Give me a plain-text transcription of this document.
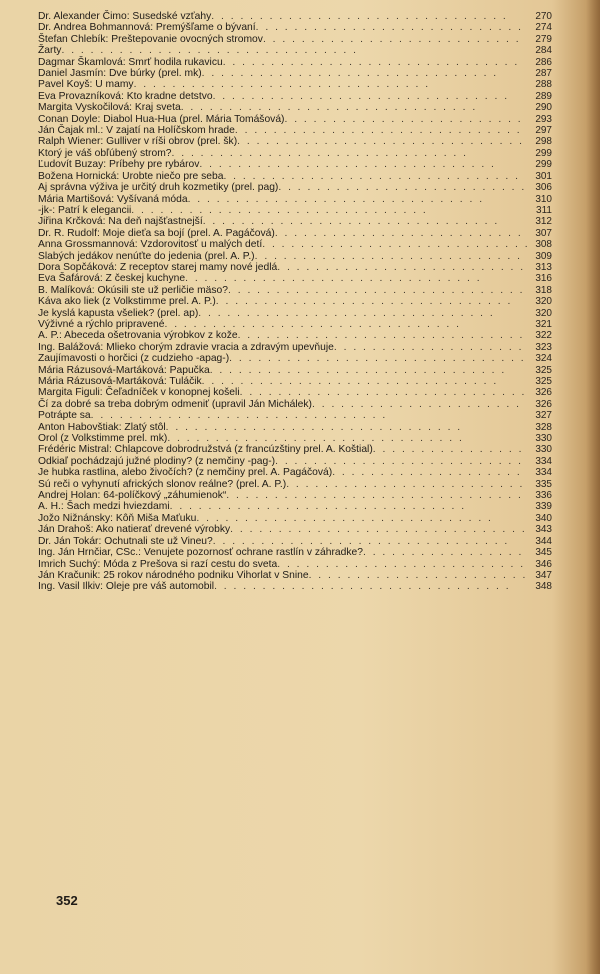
Dr. Alexander Čimo: Susedské vzťahy. . . . . . . . . . . . . . . . . . . . . . . . . . . . . . .	270
Dr. Andrea Bohmannová: Premýšľame o bývaní. . . . . . . . . . . . . . . . . . . . . . . . . . . . 274
Štefan Chlebík: Preštepovanie ovocných stromov. . . . . . . . . . . . . . . . . . . . . . . . . . . 279
Žarty. . . . . . . . . . . . . . . . . . . . . . . . . . . . . . .	284
Dagmar Škamlová: Smrť hodila rukavicu. . . . . . . . . . . . . . . . . . . . . . . . . . . . . . . 286
Daniel Jasmín: Dve búrky (prel. mk). . . . . . . . . . . . . . . . . . . . . . . . . . . . . . .	287
Pavel Koyš: U mamy. . . . . . . . . . . . . . . . . . . . . . . . . . . . . . .	288
Eva Provazníková: Kto kradne detstvo. . . . . . . . . . . . . . . . . . . . . . . . . . . . . . .	289
Margita Vyskočilová: Kraj sveta. . . . . . . . . . . . . . . . . . . . . . . . . . . . . . .	290
Conan Doyle: Diabol Hua-Hua (prel. Mária Tomášová). . . . . . . . . . . . . . . . . . . . . . . . . 293
Ján Čajak ml.: V zajatí na Holíčskom hrade. . . . . . . . . . . . . . . . . . . . . . . . . . . . . . 297
Ralph Wiener: Gulliver v ríši obrov (prel. šk). . . . . . . . . . . . . . . . . . . . . . . . . . . . . . 298
Ktorý je váš obľúbený strom?. . . . . . . . . . . . . . . . . . . . . . . . . . . . . . .	299
Ľudovít Buzay: Príbehy pre rybárov. . . . . . . . . . . . . . . . . . . . . . . . . . . . . . .	299
Božena Hornická: Urobte niečo pre seba. . . . . . . . . . . . . . . . . . . . . . . . . . . . . . . 301
Aj správna výživa je určitý druh kozmetiky (prel. pag). . . . . . . . . . . . . . . . . . . . . . . . . . 306
Mária Martišová: Vyšívaná móda. . . . . . . . . . . . . . . . . . . . . . . . . . . . . . .	310
-jk-: Patrí k elegancii. . . . . . . . . . . . . . . . . . . . . . . . . . . . . . .	311
Jiřina Krčková: Na deň najšťastnejší. . . . . . . . . . . . . . . . . . . . . . . . . . . . . . .	312
Dr. R. Rudolf: Moje dieťa sa bojí (prel. A. Pagáčová). . . . . . . . . . . . . . . . . . . . . . . . . . 307
Anna Grossmannová: Vzdorovitosť u malých detí. . . . . . . . . . . . . . . . . . . . . . . . . . . . 308
Slabých jedákov nenúťte do jedenia (prel. A. P.). . . . . . . . . . . . . . . . . . . . . . . . . . . . 309
Dora Sopčáková: Z receptov starej mamy nové jedlá. . . . . . . . . . . . . . . . . . . . . . . . . . 313
Eva Šafárová: Z českej kuchyne. . . . . . . . . . . . . . . . . . . . . . . . . . . . . . .	316
B. Malíková: Okúsili ste už perličie mäso?. . . . . . . . . . . . . . . . . . . . . . . . . . . . . . . 318
Káva ako liek (z Volkstimme prel. A. P.). . . . . . . . . . . . . . . . . . . . . . . . . . . . . . . 320
Je kyslá kapusta všeliek? (prel. ap). . . . . . . . . . . . . . . . . . . . . . . . . . . . . . .	320
Výživné a rýchlo pripravené. . . . . . . . . . . . . . . . . . . . . . . . . . . . . . .	321
A. P.: Abeceda ošetrovania výrobkov z kože. . . . . . . . . . . . . . . . . . . . . . . . . . . . . . 322
Ing. Balážová: Mlieko chorým zdravie vracia a zdravým upevňuje. . . . . . . . . . . . . . . . . . . . 323
Zaujímavosti o horčici (z cudzieho -apag-). . . . . . . . . . . . . . . . . . . . . . . . . . . . . . . 324
Mária Rázusová-Martáková: Papučka. . . . . . . . . . . . . . . . . . . . . . . . . . . . . . .	325
Mária Rázusová-Martáková: Tuláčik. . . . . . . . . . . . . . . . . . . . . . . . . . . . . . .	325
Margita Figuli: Čeľadníček v konopnej košeli. . . . . . . . . . . . . . . . . . . . . . . . . . . . . . 326
Čí za dobré sa treba dobrým odmeniť (upravil Ján Michálek). . . . . . . . . . . . . . . . . . . . . . 326
Potrápte sa. . . . . . . . . . . . . . . . . . . . . . . . . . . . . . .	327
Anton Habovštiak: Zlatý stôl. . . . . . . . . . . . . . . . . . . . . . . . . . . . . . .	328
Orol (z Volkstimme prel. mk). . . . . . . . . . . . . . . . . . . . . . . . . . . . . . .	330
Frédéric Mistral: Chlapcove dobrodružstvá (z francúzštiny prel. A. Koštial). . . . . . . . . . . . . . . . 330
Odkiaľ pochádzajú južné plodiny? (z nemčiny -pag-). . . . . . . . . . . . . . . . . . . . . . . . . . 334
Je hubka rastlina, alebo živočích? (z nemčiny prel. A. Pagáčová). . . . . . . . . . . . . . . . . . . . 334
Sú reči o vyhynutí afrických slonov reálne? (prel. A. P.). . . . . . . . . . . . . . . . . . . . . . . . . 335
Andrej Holan: 64-políčkový „záhumienok“. . . . . . . . . . . . . . . . . . . . . . . . . . . . . . . 336
A. H.: Šach medzi hviezdami. . . . . . . . . . . . . . . . . . . . . . . . . . . . . . .	339
Jožo Nižnánsky: Kôň Miša Maťuku. . . . . . . . . . . . . . . . . . . . . . . . . . . . . . .	340
Ján Drahoš: Ako natierať drevené výrobky. . . . . . . . . . . . . . . . . . . . . . . . . . . . . . . 343
Dr. Ján Tokár: Ochutnali ste už Vineu?. . . . . . . . . . . . . . . . . . . . . . . . . . . . . . .	344
Ing. Ján Hrnčiar, CSc.: Venujete pozornosť ochrane rastlín v záhradke?. . . . . . . . . . . . . . . . . 345
Imrich Suchý: Móda z Prešova si razí cestu do sveta. . . . . . . . . . . . . . . . . . . . . . . . . . 346
Ján Kračunik: 25 rokov národného podniku Vihorlat v Snine. . . . . . . . . . . . . . . . . . . . . . . 347
Ing. Vasil Ilkiv: Oleje pre váš automobil. . . . . . . . . . . . . . . . . . . . . . . . . . . . . . . 348
352
